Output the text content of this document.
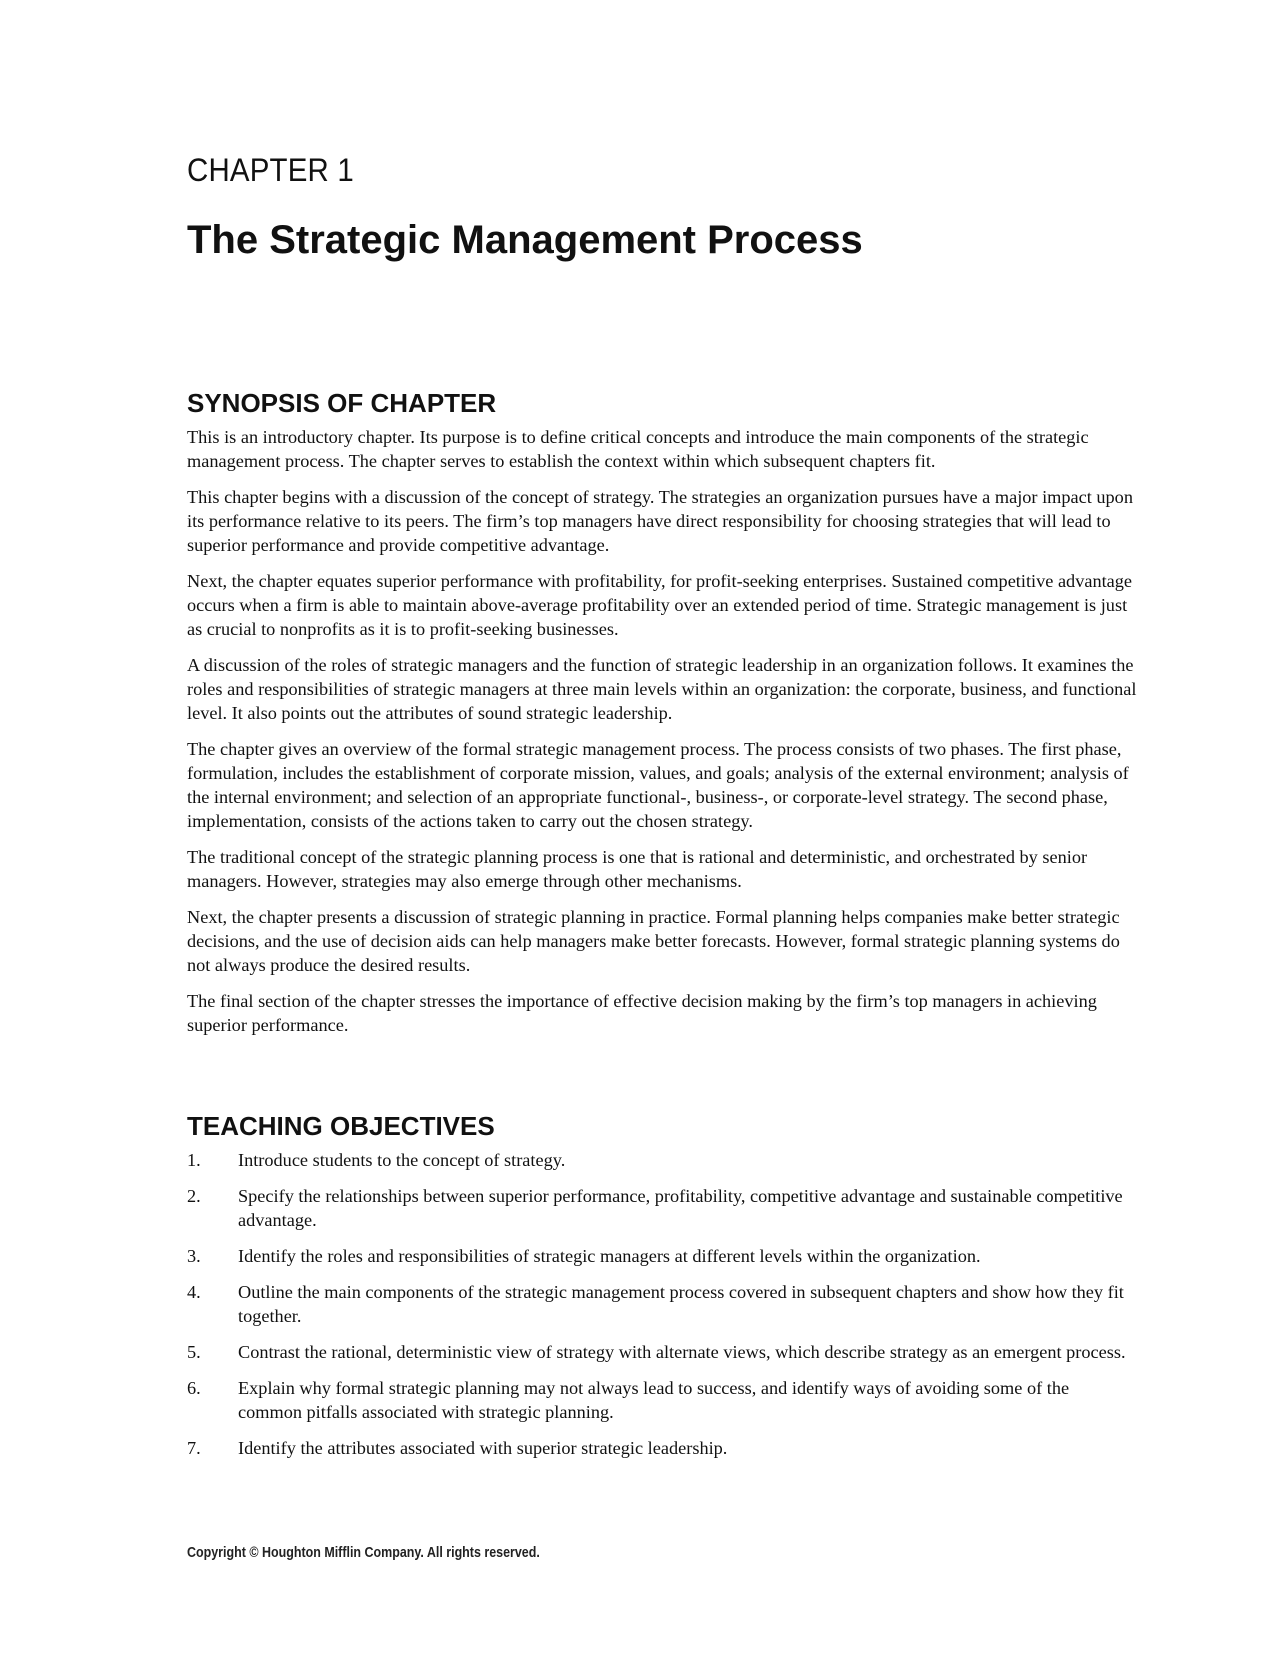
CHAPTER 1
The Strategic Management Process
SYNOPSIS OF CHAPTER

This is an introductory chapter. Its purpose is to define critical concepts and introduce the main components of the strategic management process. The chapter serves to establish the context within which subsequent chapters fit.

This chapter begins with a discussion of the concept of strategy. The strategies an organization pursues have a major impact upon its performance relative to its peers. The firm’s top managers have direct responsibility for choosing strategies that will lead to superior performance and provide competitive advantage.

Next, the chapter equates superior performance with profitability, for profit-seeking enterprises. Sustained competitive advantage occurs when a firm is able to maintain above-average profitability over an extended period of time. Strategic management is just as crucial to nonprofits as it is to profit-seeking businesses.

A discussion of the roles of strategic managers and the function of strategic leadership in an organization follows. It examines the roles and responsibilities of strategic managers at three main levels within an organization: the corporate, business, and functional level. It also points out the attributes of sound strategic leadership.

The chapter gives an overview of the formal strategic management process. The process consists of two phases. The first phase, formulation, includes the establishment of corporate mission, values, and goals; analysis of the external environment; analysis of the internal environment; and selection of an appropriate functional-, business-, or corporate-level strategy. The second phase, implementation, consists of the actions taken to carry out the chosen strategy.

The traditional concept of the strategic planning process is one that is rational and deterministic, and orchestrated by senior managers. However, strategies may also emerge through other mechanisms.

Next, the chapter presents a discussion of strategic planning in practice. Formal planning helps companies make better strategic decisions, and the use of decision aids can help managers make better forecasts. However, formal strategic planning systems do not always produce the desired results.

The final section of the chapter stresses the importance of effective decision making by the firm’s top managers in achieving superior performance.

TEACHING OBJECTIVES
1.	Introduce students to the concept of strategy.
2.	Specify the relationships between superior performance, profitability, competitive advantage and sustainable competitive advantage.
3.	Identify the roles and responsibilities of strategic managers at different levels within the organization.
4.	Outline the main components of the strategic management process covered in subsequent chapters and show how they fit together.
5.	Contrast the rational, deterministic view of strategy with alternate views, which describe strategy as an emergent process.
6.	Explain why formal strategic planning may not always lead to success, and identify ways of avoiding some of the common pitfalls associated with strategic planning.
7.	Identify the attributes associated with superior strategic leadership.
Copyright © Houghton Mifflin Company. All rights reserved.
